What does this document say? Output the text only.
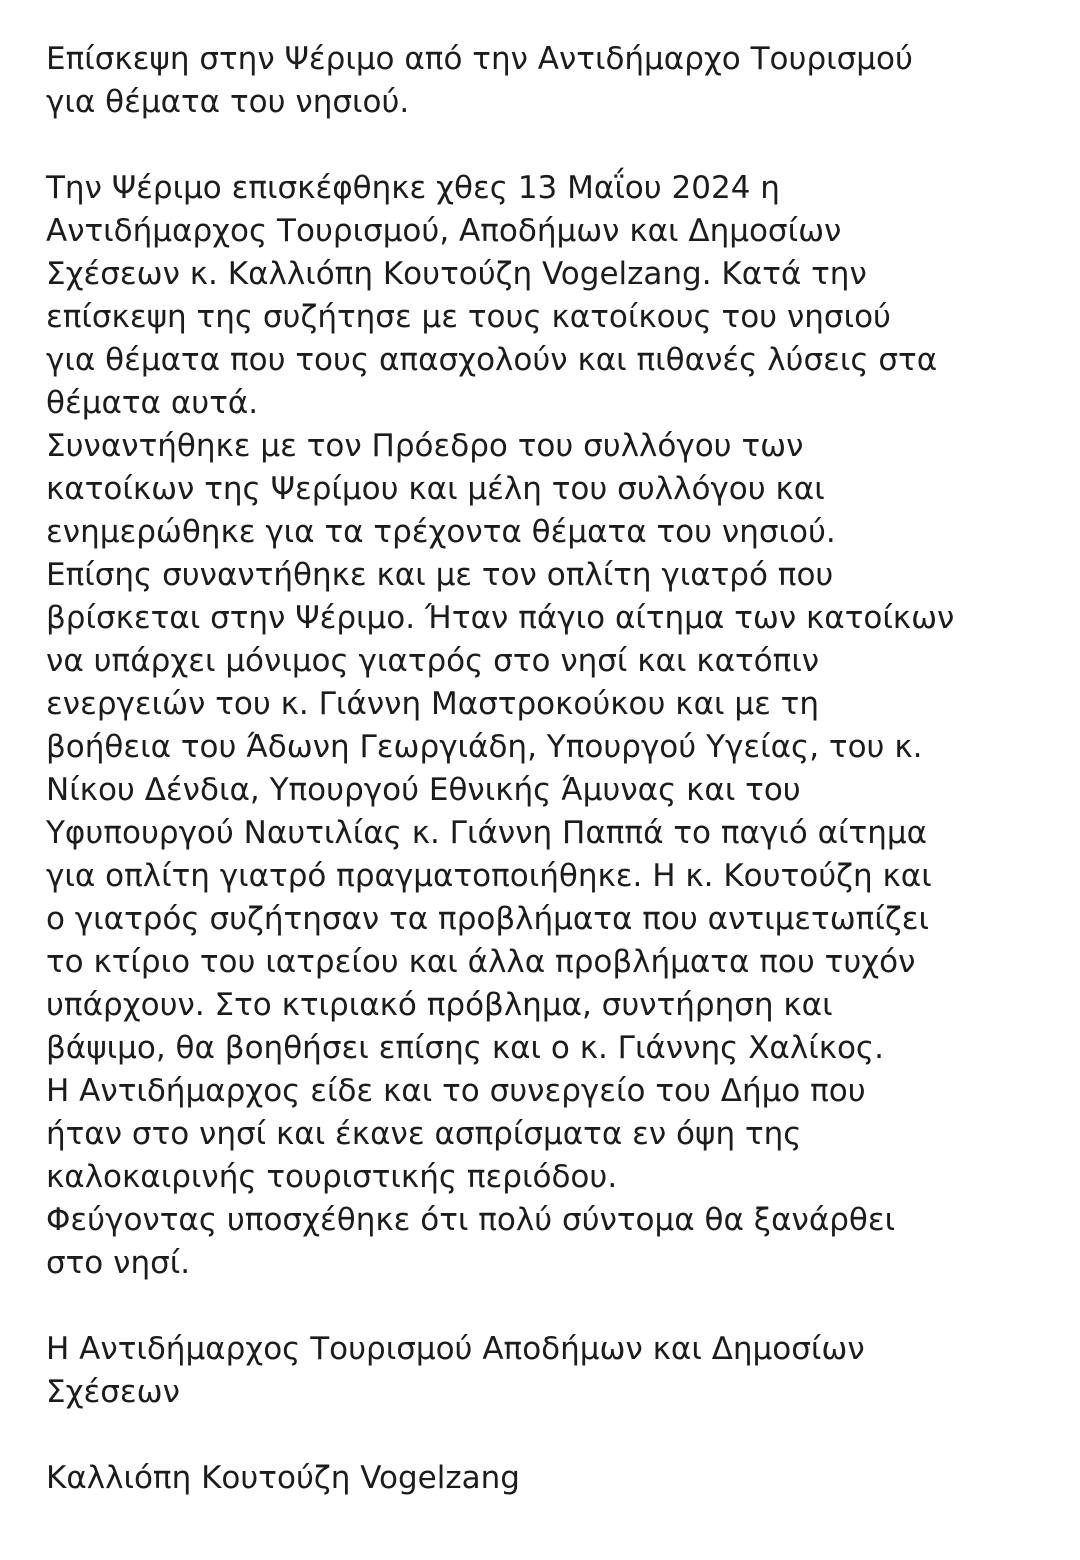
Επίσκεψη στην Ψέριμο από την Αντιδήμαρχο Τουρισμού
για θέματα του νησιού.

Την Ψέριμο επισκέφθηκε χθες 13 Μαΐου 2024 η
Αντιδήμαρχος Τουρισμού, Αποδήμων και Δημοσίων
Σχέσεων κ. Καλλιόπη Κουτούζη Vogelzang. Κατά την
επίσκεψη της συζήτησε με τους κατοίκους του νησιού
για θέματα που τους απασχολούν και πιθανές λύσεις στα
θέματα αυτά.

Συναντήθηκε με τον Πρόεδρο του συλλόγου των
κατοίκων της Ψερίμου και μέλη του συλλόγου και
ενημερώθηκε για τα τρέχοντα θέματα του νησιού.

Επίσης συναντήθηκε και με τον οπλίτη γιατρό που
βρίσκεται στην Ψέριμο. Ήταν πάγιο αίτημα των κατοίκων
να υπάρχει μόνιμος γιατρός στο νησί και κατόπιν
ενεργειών του κ. Γιάννη Μαστροκούκου και με τη
βοήθεια του Άδωνη Γεωργιάδη, Υπουργού Υγείας, του κ.
Νίκου Δένδια, Υπουργού Εθνικής Άμυνας και του
Υφυπουργού Ναυτιλίας κ. Γιάννη Παππά το παγιό αίτημα
για οπλίτη γιατρό πραγματοποιήθηκε. Η κ. Κουτούζη και
ο γιατρός συζήτησαν τα προβλήματα που αντιμετωπίζει
το κτίριο του ιατρείου και άλλα προβλήματα που τυχόν
υπάρχουν. Στο κτιριακό πρόβλημα, συντήρηση και
βάψιμο, θα βοηθήσει επίσης και ο κ. Γιάννης Χαλίκος.

Η Αντιδήμαρχος είδε και το συνεργείο του Δήμο που
ήταν στο νησί και έκανε ασπρίσματα εν όψη της
καλοκαιρινής τουριστικής περιόδου.

Φεύγοντας υποσχέθηκε ότι πολύ σύντομα θα ξανάρθει
στο νησί.

Η Αντιδήμαρχος Τουρισμού Αποδήμων και Δημοσίων
Σχέσεων

Καλλιόπη Κουτούζη Vogelzang
